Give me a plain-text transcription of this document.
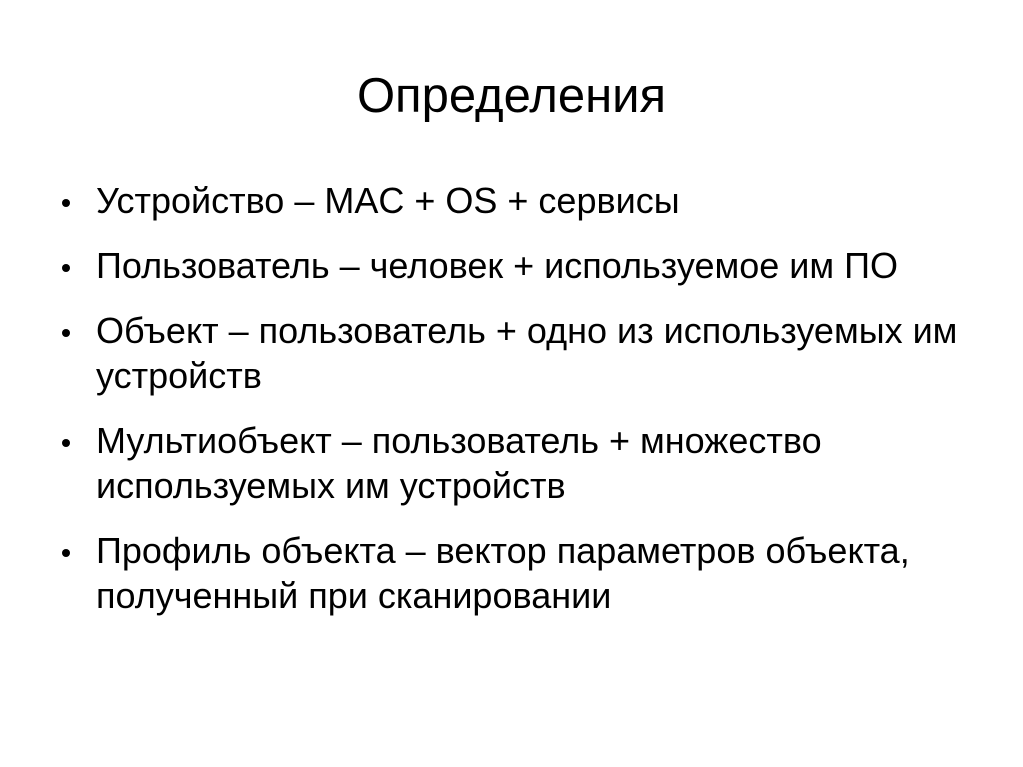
Определения
Устройство – MAC + OS + сервисы
Пользователь – человек + используемое им ПО
Объект – пользователь + одно из используемых им устройств
Мультиобъект – пользователь + множество используемых им устройств
Профиль объекта – вектор параметров объекта, полученный при сканировании
